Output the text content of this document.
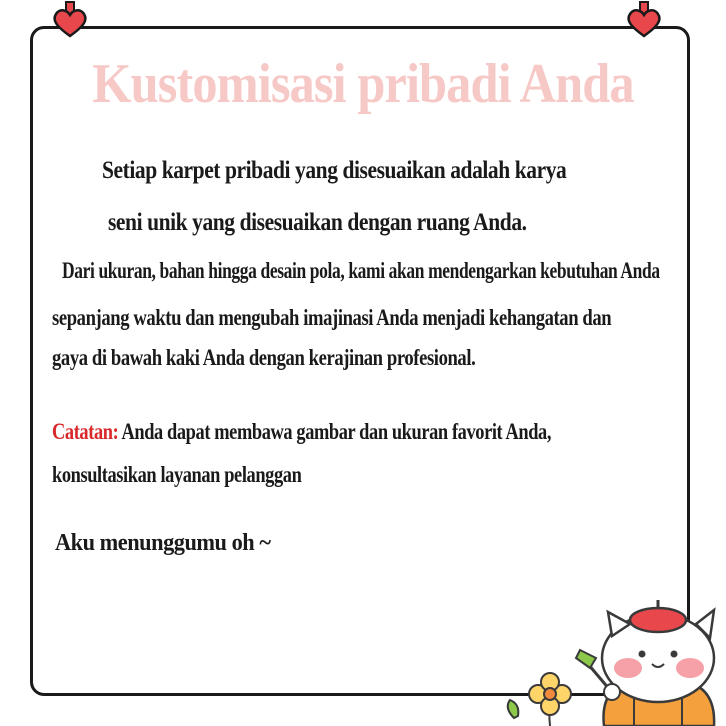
Kustomisasi pribadi Anda
Setiap karpet pribadi yang disesuaikan adalah karya
seni unik yang disesuaikan dengan ruang Anda.
Dari ukuran, bahan hingga desain pola, kami akan mendengarkan kebutuhan Anda
sepanjang waktu dan mengubah imajinasi Anda menjadi kehangatan dan
gaya di bawah kaki Anda dengan kerajinan profesional.
Catatan: Anda dapat membawa gambar dan ukuran favorit Anda,
konsultasikan layanan pelanggan
Aku menunggumu oh ~
